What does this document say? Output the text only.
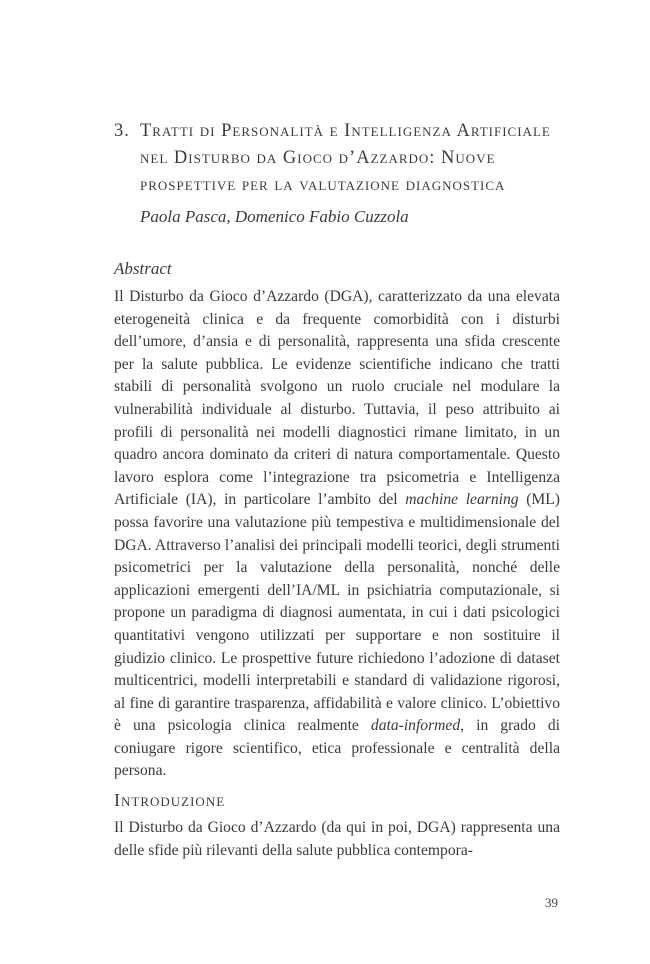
3. Tratti di Personalità e Intelligenza Artificiale
nel Disturbo da Gioco d’Azzardo: Nuove
prospettive per la valutazione diagnostica
Paola Pasca, Domenico Fabio Cuzzola
Abstract
Il Disturbo da Gioco d’Azzardo (DGA), caratterizzato da una elevata eterogeneità clinica e da frequente comorbidità con i disturbi dell’umore, d’ansia e di personalità, rappresenta una sfida crescente per la salute pubblica. Le evidenze scientifiche indicano che tratti stabili di personalità svolgono un ruolo cruciale nel modulare la vulnerabilità individuale al disturbo. Tuttavia, il peso attribuito ai profili di personalità nei modelli diagnostici rimane limitato, in un quadro ancora dominato da criteri di natura comportamentale. Questo lavoro esplora come l’integrazione tra psicometria e Intelligenza Artificiale (IA), in particolare l’ambito del machine learning (ML) possa favorire una valutazione più tempestiva e multidimensionale del DGA. Attraverso l’analisi dei principali modelli teorici, degli strumenti psicometrici per la valutazione della personalità, nonché delle applicazioni emergenti dell’IA/ML in psichiatria computazionale, si propone un paradigma di diagnosi aumentata, in cui i dati psicologici quantitativi vengono utilizzati per supportare e non sostituire il giudizio clinico. Le prospettive future richiedono l’adozione di dataset multicentrici, modelli interpretabili e standard di validazione rigorosi, al fine di garantire trasparenza, affidabilità e valore clinico. L’obiettivo è una psicologia clinica realmente data-informed, in grado di coniugare rigore scientifico, etica professionale e centralità della persona.
Introduzione
Il Disturbo da Gioco d’Azzardo (da qui in poi, DGA) rappresenta una delle sfide più rilevanti della salute pubblica contempora-
39
